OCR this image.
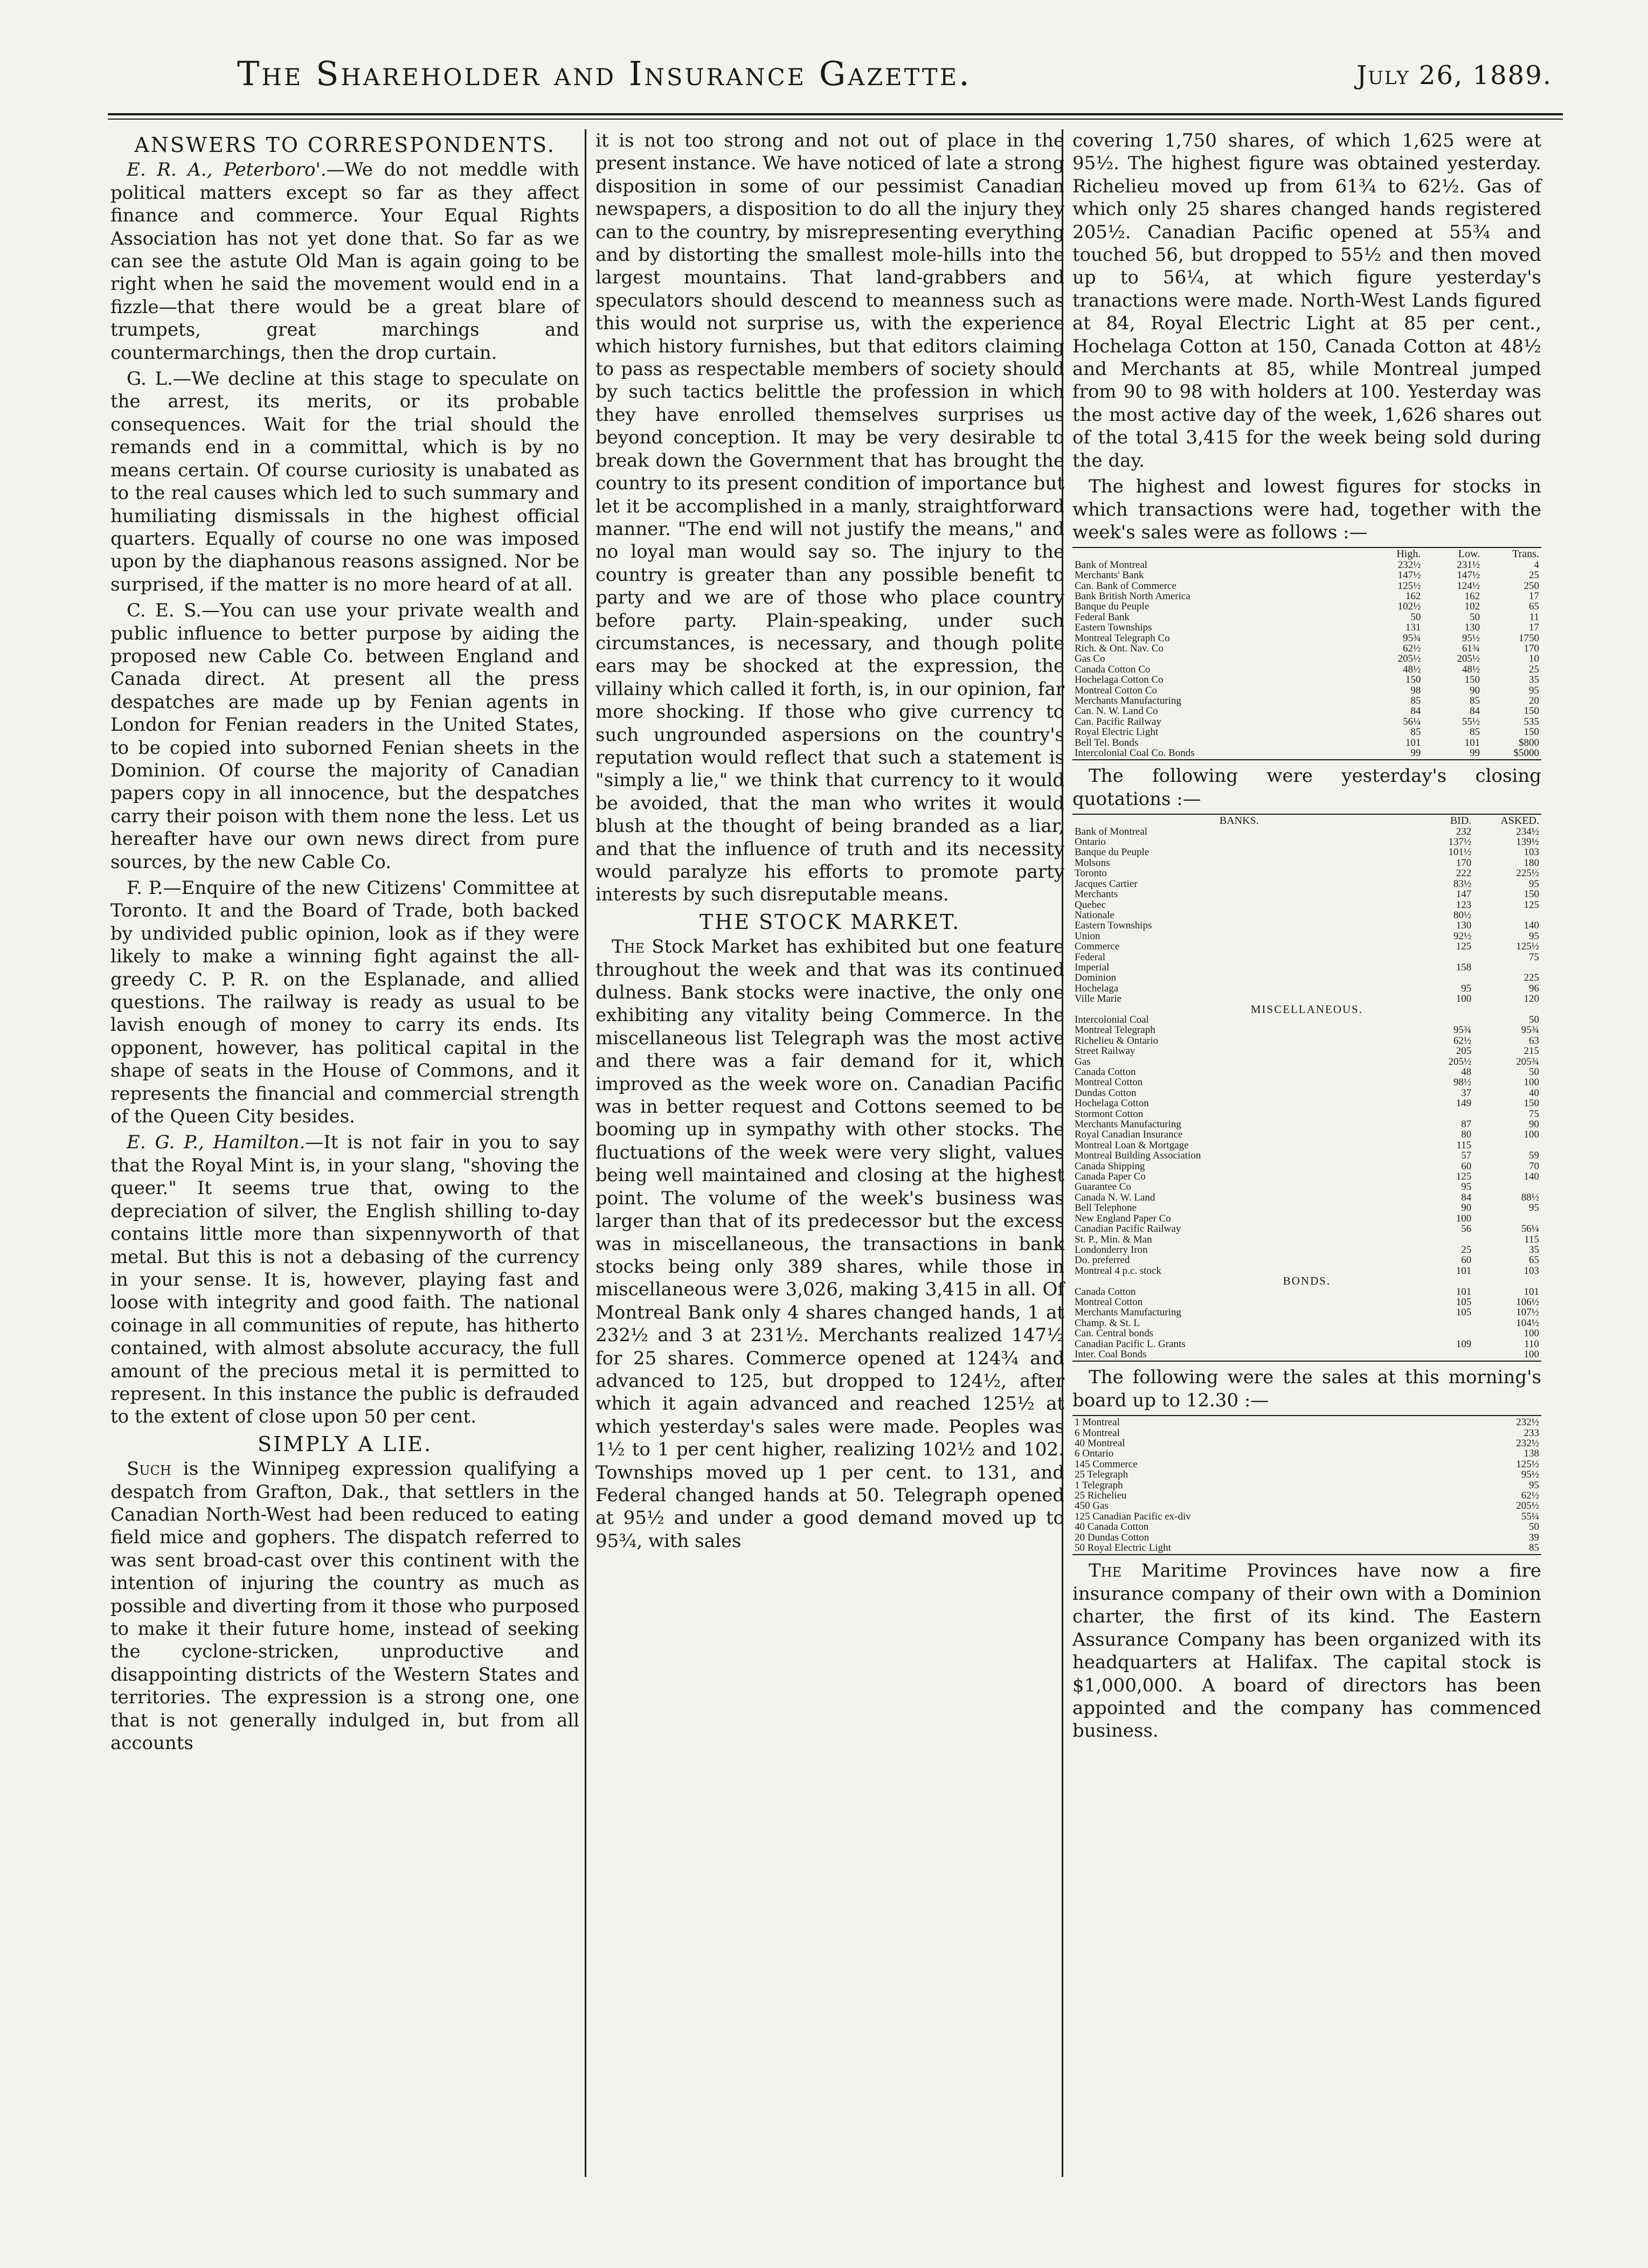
The Shareholder and Insurance Gazette.	July 26, 1889.
ANSWERS TO CORRESPONDENTS.

E. R. A., Peterboro'.—We do not meddle with political matters except so far as they affect finance and commerce. Your Equal Rights Association has not yet done that. So far as we can see the astute Old Man is again going to be right when he said the movement would end in a fizzle—that there would be a great blare of trumpets, great marchings and countermarchings, then the drop curtain.

G. L.—We decline at this stage to speculate on the arrest, its merits, or its probable consequences. Wait for the trial should the remands end in a committal, which is by no means certain. Of course curiosity is unabated as to the real causes which led to such summary and humiliating dismissals in the highest official quarters. Equally of course no one was imposed upon by the diaphanous reasons assigned. Nor be surprised, if the matter is no more heard of at all.

C. E. S.—You can use your private wealth and public influence to better purpose by aiding the proposed new Cable Co. between England and Canada direct. At present all the press despatches are made up by Fenian agents in London for Fenian readers in the United States, to be copied into suborned Fenian sheets in the Dominion. Of course the majority of Canadian papers copy in all innocence, but the despatches carry their poison with them none the less. Let us hereafter have our own news direct from pure sources, by the new Cable Co.

F. P.—Enquire of the new Citizens' Committee at Toronto. It and the Board of Trade, both backed by undivided public opinion, look as if they were likely to make a winning fight against the all-greedy C. P. R. on the Esplanade, and allied questions. The railway is ready as usual to be lavish enough of money to carry its ends. Its opponent, however, has political capital in the shape of seats in the House of Commons, and it represents the financial and commercial strength of the Queen City besides.

E. G. P., Hamilton.—It is not fair in you to say that the Royal Mint is, in your slang, "shoving the queer." It seems true that, owing to the depreciation of silver, the English shilling to-day contains little more than sixpennyworth of that metal. But this is not a debasing of the currency in your sense. It is, however, playing fast and loose with integrity and good faith. The national coinage in all communities of repute, has hitherto contained, with almost absolute accuracy, the full amount of the precious metal it is permitted to represent. In this instance the public is defrauded to the extent of close upon 50 per cent.

SIMPLY A LIE.

Such is the Winnipeg expression qualifying a despatch from Grafton, Dak., that settlers in the Canadian North-West had been reduced to eating field mice and gophers. The dispatch referred to was sent broad-cast over this continent with the intention of injuring the country as much as possible and diverting from it those who purposed to make it their future home, instead of seeking the cyclone-stricken, unproductive and disappointing districts of the Western States and territories. The expression is a strong one, one that is not generally indulged in, but from all accounts

it is not too strong and not out of place in the present instance. We have noticed of late a strong disposition in some of our pessimist Canadian newspapers, a disposition to do all the injury they can to the country, by misrepresenting everything and by distorting the smallest mole-hills into the largest mountains. That land-grabbers and speculators should descend to meanness such as this would not surprise us, with the experience which history furnishes, but that editors claiming to pass as respectable members of society should by such tactics belittle the profession in which they have enrolled themselves surprises us beyond conception. It may be very desirable to break down the Government that has brought the country to its present condition of importance but let it be accomplished in a manly, straightforward manner. "The end will not justify the means," and no loyal man would say so. The injury to the country is greater than any possible benefit to party and we are of those who place country before party. Plain-speaking, under such circumstances, is necessary, and though polite ears may be shocked at the expression, the villainy which called it forth, is, in our opinion, far more shocking. If those who give currency to such ungrounded aspersions on the country's reputation would reflect that such a statement is "simply a lie," we think that currency to it would be avoided, that the man who writes it would blush at the thought of being branded as a liar, and that the influence of truth and its necessity would paralyze his efforts to promote party interests by such disreputable means.

THE STOCK MARKET.

The Stock Market has exhibited but one feature throughout the week and that was its continued dulness. Bank stocks were inactive, the only one exhibiting any vitality being Commerce. In the miscellaneous list Telegraph was the most active and there was a fair demand for it, which improved as the week wore on. Canadian Pacific was in better request and Cottons seemed to be booming up in sympathy with other stocks. The fluctuations of the week were very slight, values being well maintained and closing at the highest point. The volume of the week's business was larger than that of its predecessor but the excess was in miscellaneous, the transactions in bank stocks being only 389 shares, while those in miscellaneous were 3,026, making 3,415 in all. Of Montreal Bank only 4 shares changed hands, 1 at 232½ and 3 at 231½. Merchants realized 147½ for 25 shares. Commerce opened at 124¾ and advanced to 125, but dropped to 124½, after which it again advanced and reached 125½ at which yesterday's sales were made. Peoples was 1½ to 1 per cent higher, realizing 102½ and 102. Townships moved up 1 per cent. to 131, and Federal changed hands at 50. Telegraph opened at 95½ and under a good demand moved up to 95¾, with sales

covering 1,750 shares, of which 1,625 were at 95½. The highest figure was obtained yesterday. Richelieu moved up from 61¾ to 62½. Gas of which only 25 shares changed hands registered 205½. Canadian Pacific opened at 55¾ and touched 56, but dropped to 55½ and then moved up to 56¼, at which figure yesterday's tranactions were made. North-West Lands figured at 84, Royal Electric Light at 85 per cent., Hochelaga Cotton at 150, Canada Cotton at 48½ and Merchants at 85, while Montreal jumped from 90 to 98 with holders at 100. Yesterday was the most active day of the week, 1,626 shares out of the total 3,415 for the week being sold during the day.

The highest and lowest figures for stocks in which transactions were had, together with the week's sales were as follows :—

	High.	Low.	Trans.
Bank of Montreal	232½	231½	4
Merchants' Bank	147½	147½	25
Can. Bank of Commerce	125½	124½	250
Bank British North America	162	162	17
Banque du Peuple	102½	102	65
Federal Bank	50	50	11
Eastern Townships	131	130	17
Montreal Telegraph Co	95¾	95½	1750
Rich. & Ont. Nav. Co	62½	61¾	170
Gas Co	205½	205½	10
Canada Cotton Co	48½	48½	25
Hochelaga Cotton Co	150	150	35
Montreal Cotton Co	98	90	95
Merchants Manufacturing	85	85	20
Can. N. W. Land Co	84	84	150
Can. Pacific Railway	56¼	55½	535
Royal Electric Light	85	85	150
Bell Tel. Bonds	101	101	$800
Intercolonial Coal Co. Bonds	99	99	$5000

The following were yesterday's closing quotations :—

BANKS.	BID.	ASKED.
Bank of Montreal	232	234½
Ontario	137½	139½
Banque du Peuple	101½	103
Molsons	170	180
Toronto	222	225½
Jacques Cartier	83½	95
Merchants	147	150
Quebec	123	125
Nationale	80½	
Eastern Townships	130	140
Union	92½	95
Commerce	125	125½
Federal		75
Imperial	158	
Dominion		225
Hochelaga	95	96
Ville Marie	100	120
MISCELLANEOUS.		
Intercolonial Coal		50
Montreal Telegraph	95¾	95¾
Richelieu & Ontario	62½	63
Street Railway	205	215
Gas	205½	205¾
Canada Cotton	48	50
Montreal Cotton	98½	100
Dundas Cotton	37	40
Hochelaga Cotton	149	150
Stormont Cotton		75
Merchants Manufacturing	87	90
Royal Canadian Insurance	80	100
Montreal Loan & Mortgage	115	
Montreal Building Association	57	59
Canada Shipping	60	70
Canada Paper Co	125	140
Guarantee Co	95	
Canada N. W. Land	84	88½
Bell Telephone	90	95
New England Paper Co	100	
Canadian Pacific Railway	56	56¼
St. P., Min. & Man		115
Londonderry Iron	25	35
Do. preferred	60	65
Montreal 4 p.c. stock	101	103
BONDS.		
Canada Cotton	101	101
Montreal Cotton	105	106½
Merchants Manufacturing	105	107½
Champ. & St. L		104½
Can. Central bonds		100
Canadian Pacific L. Grants	109	110
Inter. Coal Bonds		100

The following were the sales at this morning's board up to 12.30 :—

1 Montreal	232½
6 Montreal	233
40 Montreal	232½
6 Ontario	138
145 Commerce	125½
25 Telegraph	95½
1 Telegraph	95
25 Richelieu	62½
450 Gas	205½
125 Canadian Pacific ex-div	55¼
40 Canada Cotton	50
20 Dundas Cotton	39
50 Royal Electric Light	85

The Maritime Provinces have now a fire insurance company of their own with a Dominion charter, the first of its kind. The Eastern Assurance Company has been organized with its headquarters at Halifax. The capital stock is $1,000,000. A board of directors has been appointed and the company has commenced business.
